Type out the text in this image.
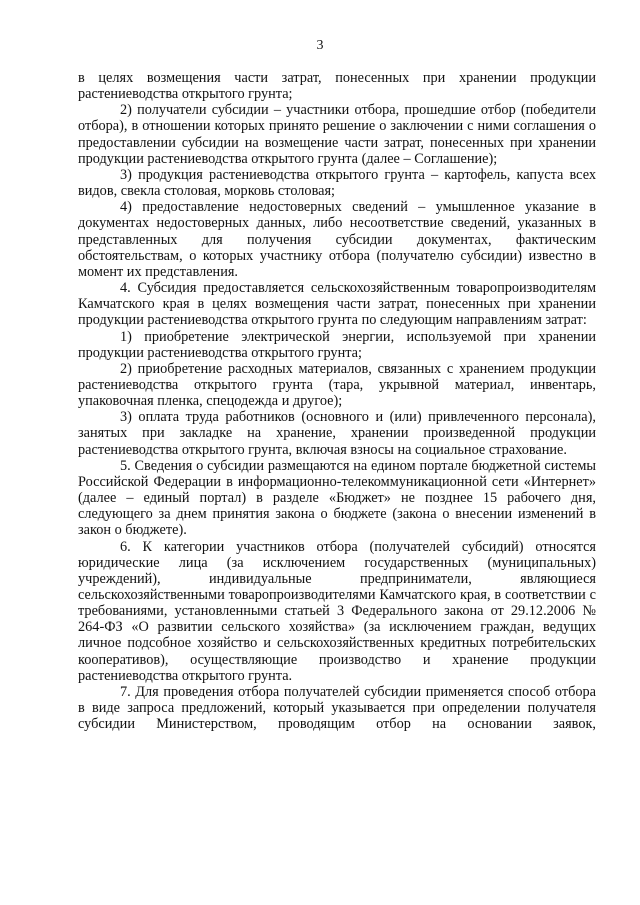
3

в целях возмещения части затрат, понесенных при хранении продукции растениеводства открытого грунта;

2) получатели субсидии – участники отбора, прошедшие отбор (победители отбора), в отношении которых принято решение о заключении с ними соглашения о предоставлении субсидии на возмещение части затрат, понесенных при хранении продукции растениеводства открытого грунта (далее – Соглашение);

3) продукция растениеводства открытого грунта – картофель, капуста всех видов, свекла столовая, морковь столовая;

4) предоставление недостоверных сведений – умышленное указание в документах недостоверных данных, либо несоответствие сведений, указанных в представленных для получения субсидии документах, фактическим обстоятельствам, о которых участнику отбора (получателю субсидии) известно в момент их представления.

4. Субсидия предоставляется сельскохозяйственным товаропроизводителям Камчатского края в целях возмещения части затрат, понесенных при хранении продукции растениеводства открытого грунта по следующим направлениям затрат:

1) приобретение электрической энергии, используемой при хранении продукции растениеводства открытого грунта;

2) приобретение расходных материалов, связанных с хранением продукции растениеводства открытого грунта (тара, укрывной материал, инвентарь, упаковочная пленка, спецодежда и другое);

3) оплата труда работников (основного и (или) привлеченного персонала), занятых при закладке на хранение, хранении произведенной продукции растениеводства открытого грунта, включая взносы на социальное страхование.

5. Сведения о субсидии размещаются на едином портале бюджетной системы Российской Федерации в информационно-телекоммуникационной сети «Интернет» (далее – единый портал) в разделе «Бюджет» не позднее 15 рабочего дня, следующего за днем принятия закона о бюджете (закона о внесении изменений в закон о бюджете).

6. К категории участников отбора (получателей субсидий) относятся юридические лица (за исключением государственных (муниципальных) учреждений), индивидуальные предприниматели, являющиеся сельскохозяйственными товаропроизводителями Камчатского края, в соответствии с требованиями, установленными статьей 3 Федерального закона от 29.12.2006 № 264-ФЗ «О развитии сельского хозяйства» (за исключением граждан, ведущих личное подсобное хозяйство и сельскохозяйственных кредитных потребительских кооперативов), осуществляющие производство и хранение продукции растениеводства открытого грунта.

7. Для проведения отбора получателей субсидии применяется способ отбора в виде запроса предложений, который указывается при определении получателя субсидии Министерством, проводящим отбор на основании заявок,
